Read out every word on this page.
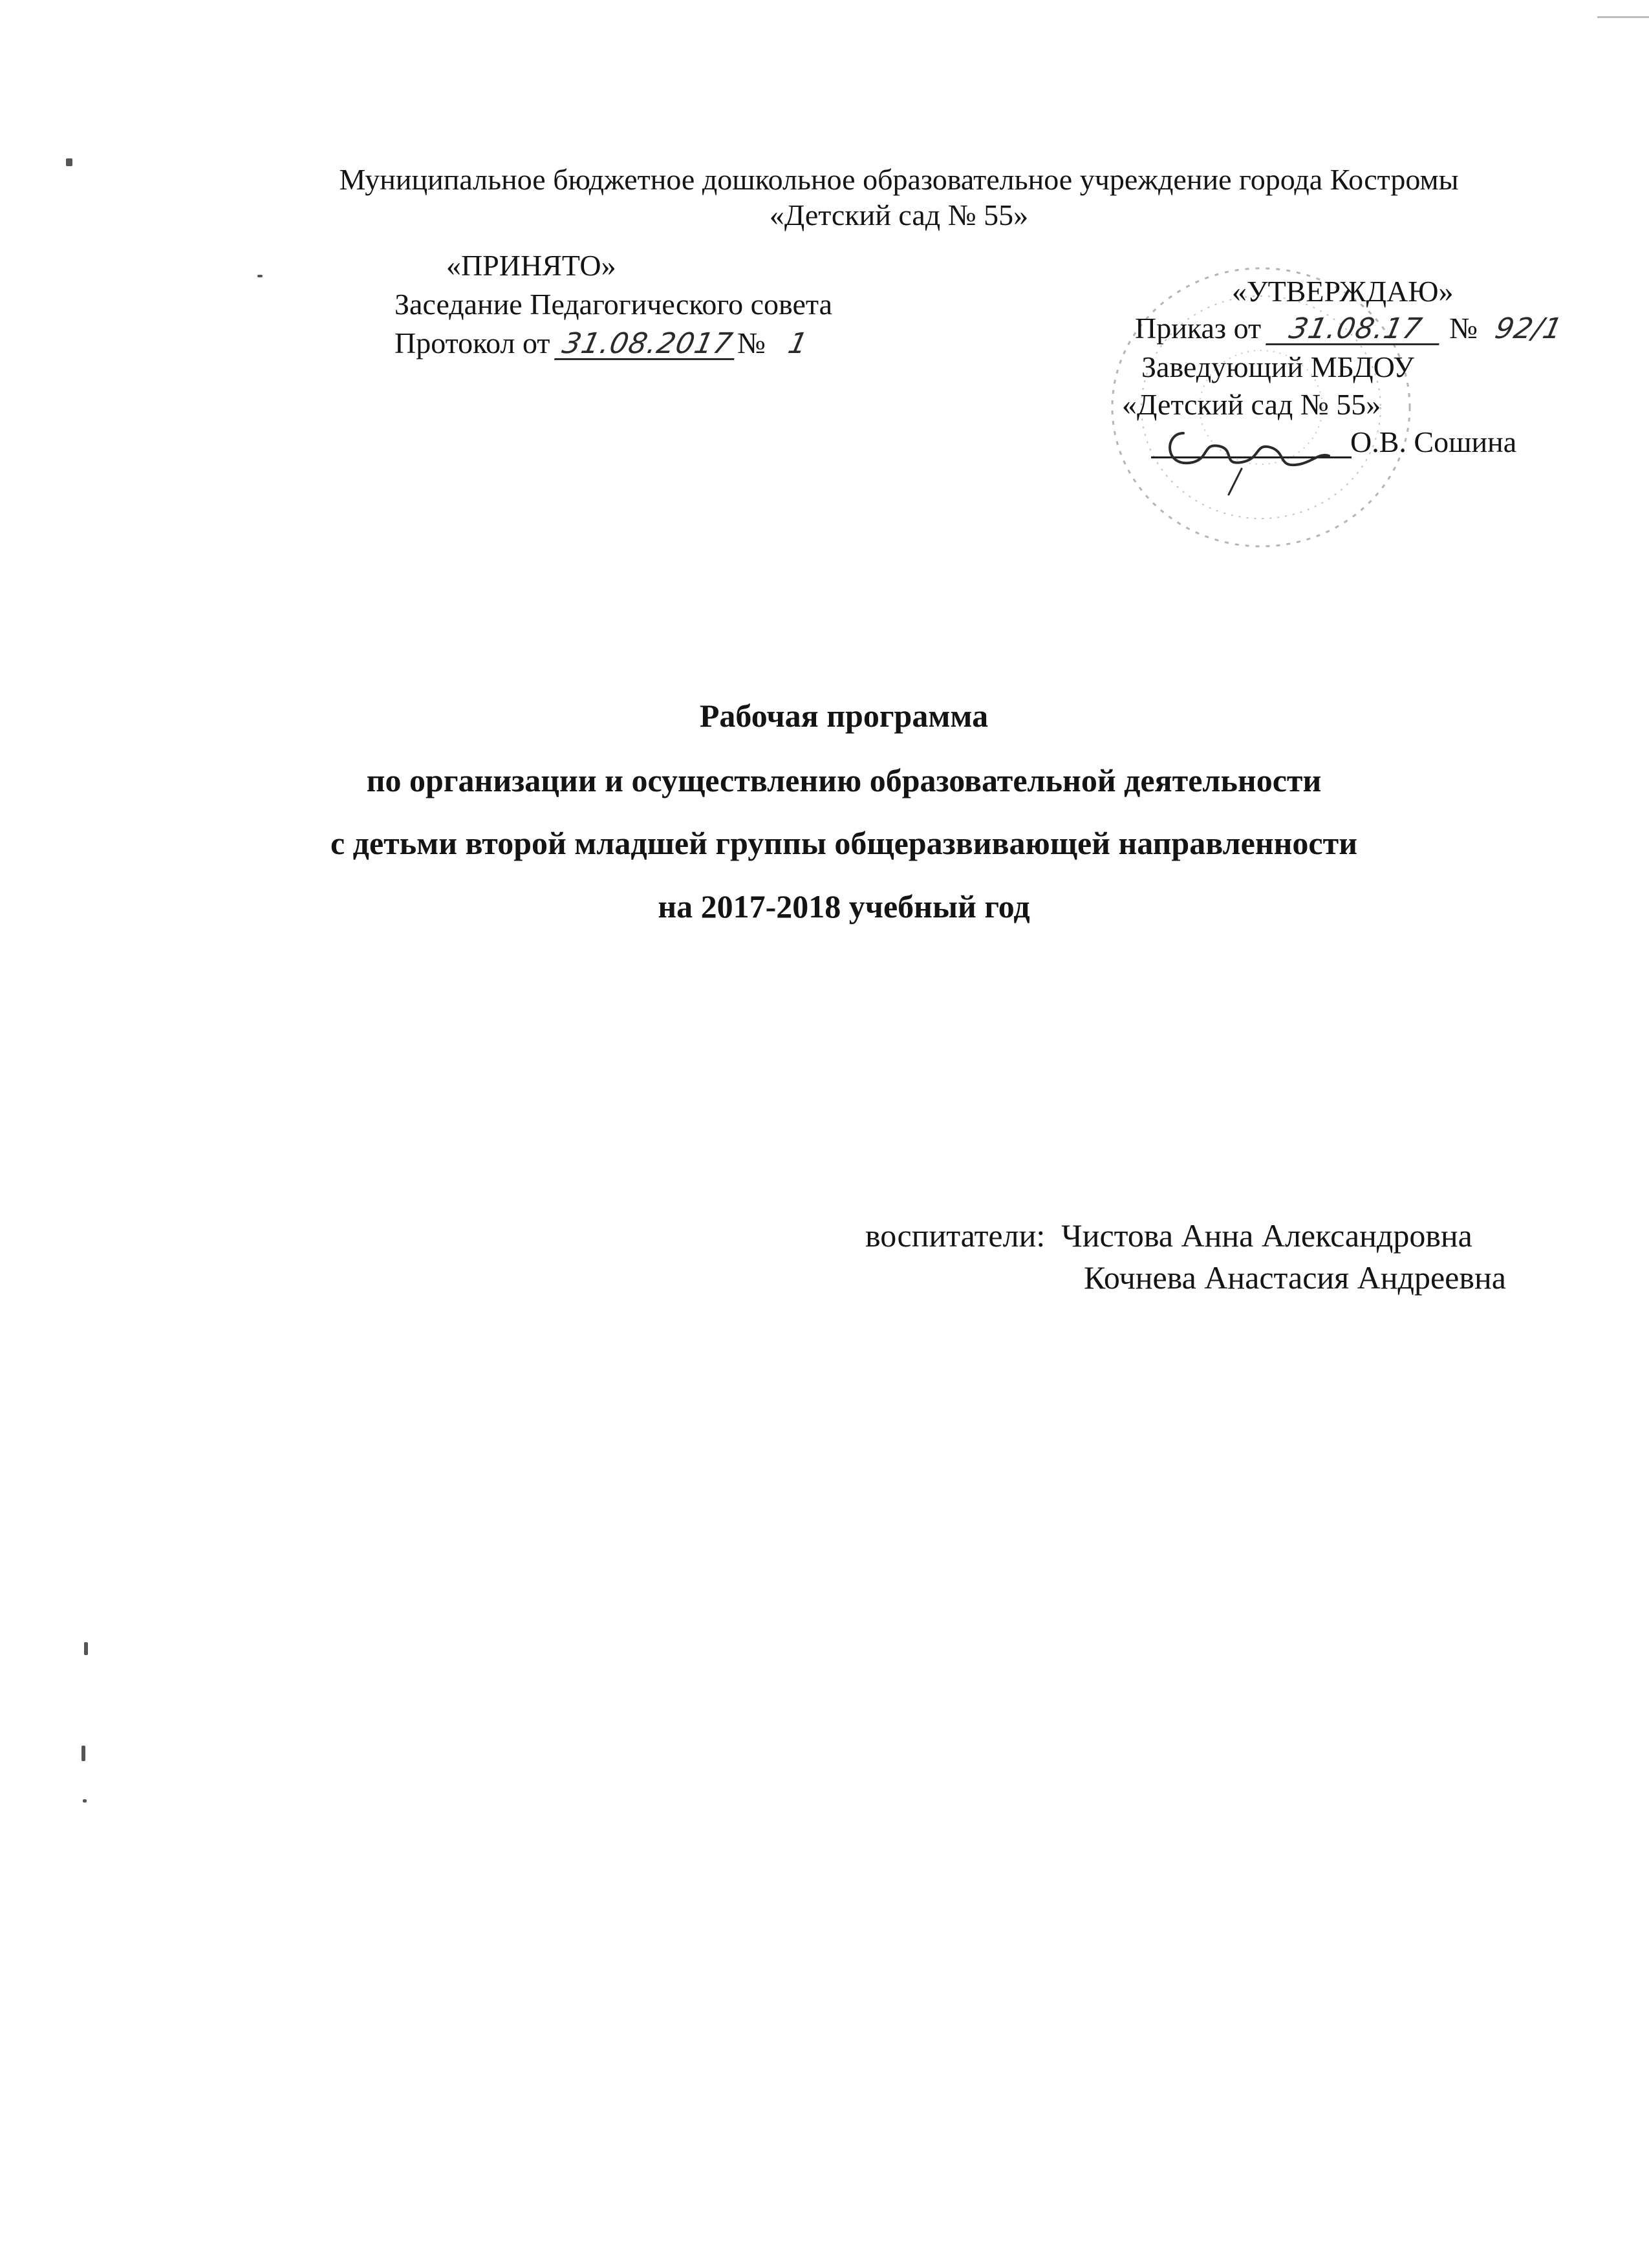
Муниципальное бюджетное дошкольное образовательное учреждение города Костромы
«Детский сад № 55»
«ПРИНЯТО»
Заседание Педагогического совета
Протокол от 31.08.2017№ 1
«УТВЕРЖДАЮ»
Приказ от 31.08.17 № 92/1
Заведующий МБДОУ
«Детский сад № 55»
О.В. Сошина
Рабочая программа
по организации и осуществлению образовательной деятельности
с детьми второй младшей группы общеразвивающей направленности
на 2017-2018 учебный год
воспитатели: Чистова Анна Александровна
Кочнева Анастасия Андреевна
